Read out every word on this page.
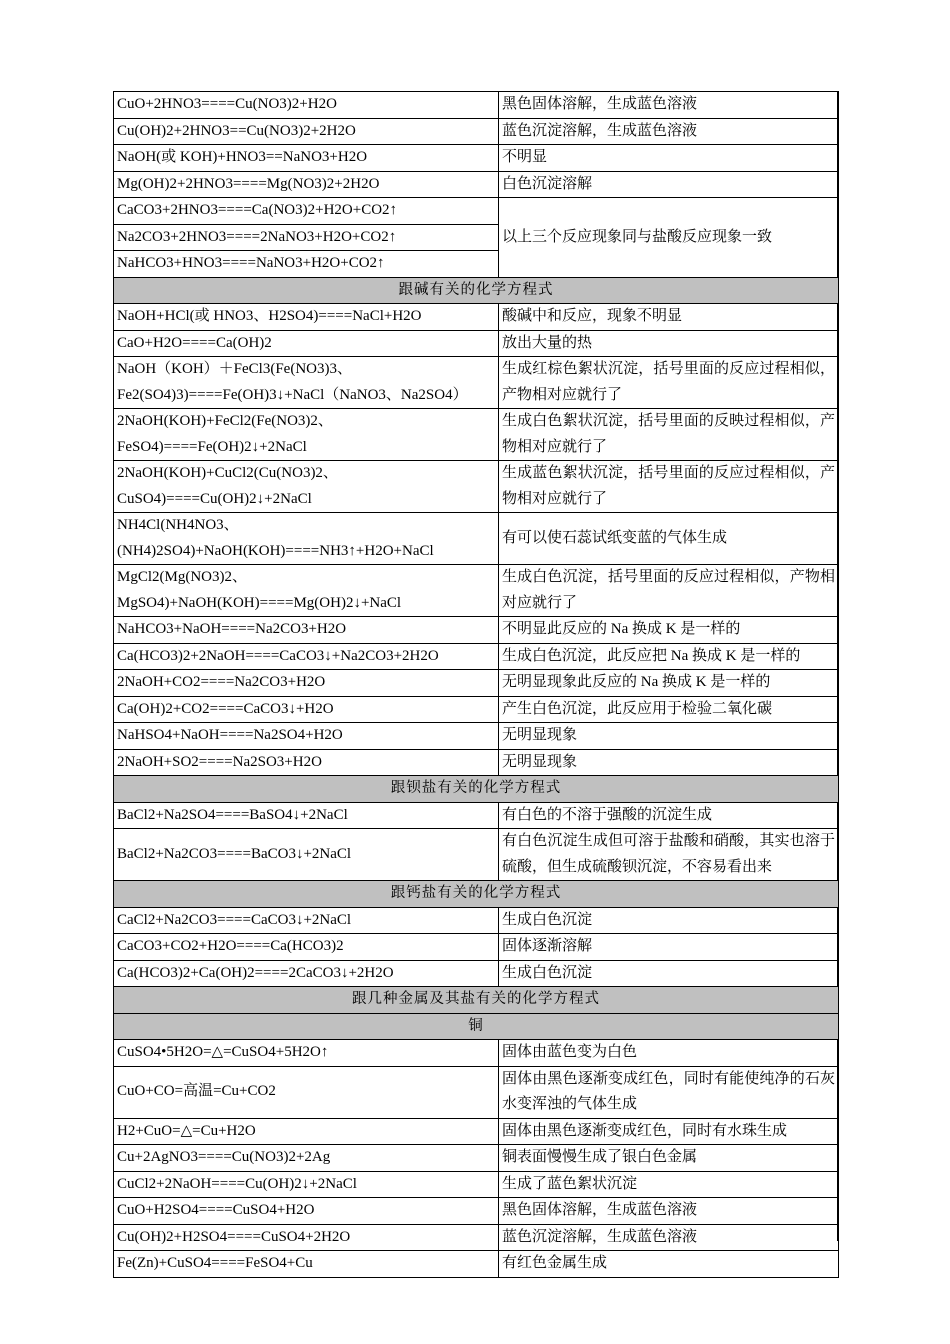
CuO+2HNO3====Cu(NO3)2+H2O	黑色固体溶解，生成蓝色溶液
Cu(OH)2+2HNO3==Cu(NO3)2+2H2O	蓝色沉淀溶解，生成蓝色溶液
NaOH(或 KOH)+HNO3==NaNO3+H2O	不明显
Mg(OH)2+2HNO3====Mg(NO3)2+2H2O	白色沉淀溶解
CaCO3+2HNO3====Ca(NO3)2+H2O+CO2↑	以上三个反应现象同与盐酸反应现象一致
Na2CO3+2HNO3====2NaNO3+H2O+CO2↑	
NaHCO3+HNO3====NaNO3+H2O+CO2↑	
跟碱有关的化学方程式	
NaOH+HCl(或 HNO3、H2SO4)====NaCl+H2O	酸碱中和反应，现象不明显
CaO+H2O====Ca(OH)2	放出大量的热

NaOH（KOH）＋FeCl3(Fe(NO3)3、
Fe2(SO4)3)====Fe(OH)3↓+NaCl（NaNO3、Na2SO4）	生成红棕色絮状沉淀，括号里面的反应过程相似，产物相对应就行了

2NaOH(KOH)+FeCl2(Fe(NO3)2、
FeSO4)====Fe(OH)2↓+2NaCl	生成白色絮状沉淀，括号里面的反映过程相似，产物相对应就行了

2NaOH(KOH)+CuCl2(Cu(NO3)2、
CuSO4)====Cu(OH)2↓+2NaCl	生成蓝色絮状沉淀，括号里面的反应过程相似，产物相对应就行了

NH4Cl(NH4NO3、
(NH4)2SO4)+NaOH(KOH)====NH3↑+H2O+NaCl	有可以使石蕊试纸变蓝的气体生成

MgCl2(Mg(NO3)2、
MgSO4)+NaOH(KOH)====Mg(OH)2↓+NaCl	生成白色沉淀，括号里面的反应过程相似，产物相对应就行了
NaHCO3+NaOH====Na2CO3+H2O	不明显此反应的 Na 换成 K 是一样的
Ca(HCO3)2+2NaOH====CaCO3↓+Na2CO3+2H2O	生成白色沉淀，此反应把 Na 换成 K 是一样的
2NaOH+CO2====Na2CO3+H2O	无明显现象此反应的 Na 换成 K 是一样的
Ca(OH)2+CO2====CaCO3↓+H2O	产生白色沉淀，此反应用于检验二氧化碳
NaHSO4+NaOH====Na2SO4+H2O	无明显现象
2NaOH+SO2====Na2SO3+H2O	无明显现象
跟钡盐有关的化学方程式	
BaCl2+Na2SO4====BaSO4↓+2NaCl	有白色的不溶于强酸的沉淀生成
BaCl2+Na2CO3====BaCO3↓+2NaCl	有白色沉淀生成但可溶于盐酸和硝酸，其实也溶于硫酸，但生成硫酸钡沉淀，不容易看出来
跟钙盐有关的化学方程式	
CaCl2+Na2CO3====CaCO3↓+2NaCl	生成白色沉淀
CaCO3+CO2+H2O====Ca(HCO3)2	固体逐渐溶解
Ca(HCO3)2+Ca(OH)2====2CaCO3↓+2H2O	生成白色沉淀
跟几种金属及其盐有关的化学方程式	
铜	
CuSO4•5H2O=△=CuSO4+5H2O↑	固体由蓝色变为白色
CuO+CO=高温=Cu+CO2	固体由黑色逐渐变成红色，同时有能使纯净的石灰水变浑浊的气体生成
H2+CuO=△=Cu+H2O	固体由黑色逐渐变成红色，同时有水珠生成
Cu+2AgNO3====Cu(NO3)2+2Ag	铜表面慢慢生成了银白色金属
CuCl2+2NaOH====Cu(OH)2↓+2NaCl	生成了蓝色絮状沉淀
CuO+H2SO4====CuSO4+H2O	黑色固体溶解，生成蓝色溶液
Cu(OH)2+H2SO4====CuSO4+2H2O	蓝色沉淀溶解，生成蓝色溶液
Fe(Zn)+CuSO4====FeSO4+Cu	有红色金属生成
